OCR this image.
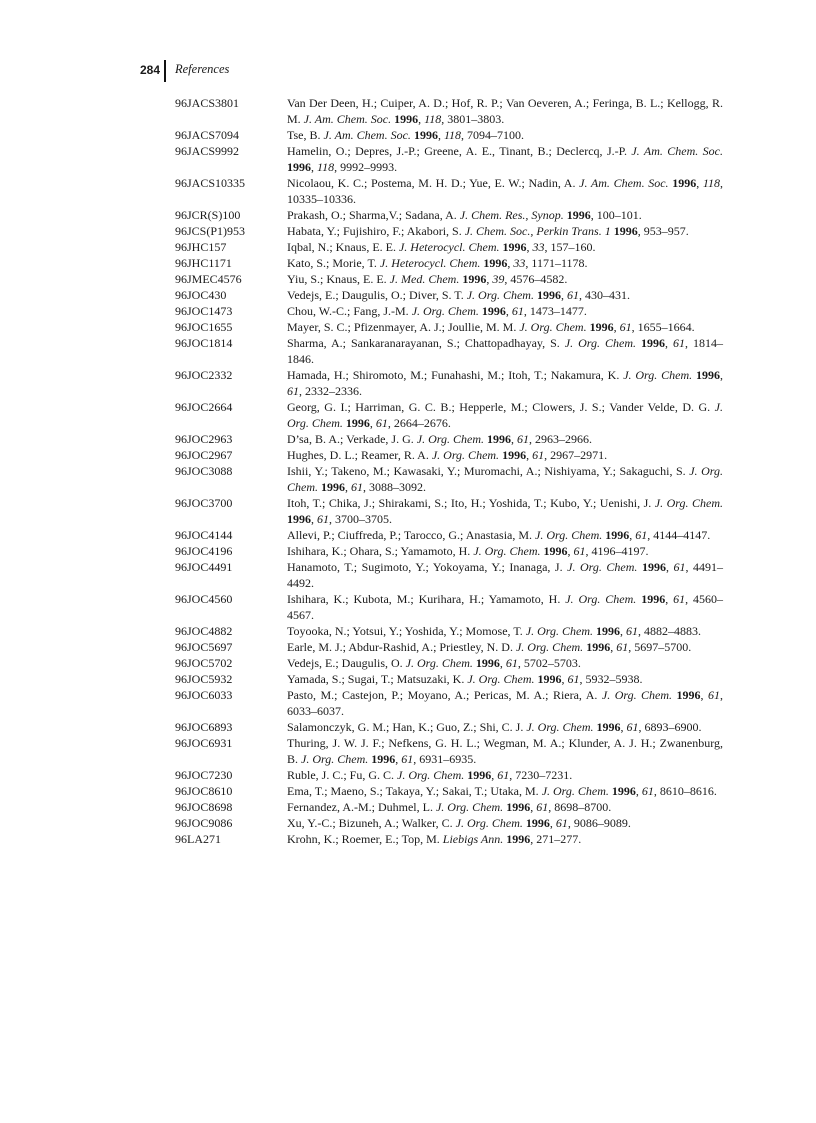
284 References
96JACS3801	Van Der Deen, H.; Cuiper, A. D.; Hof, R. P.; Van Oeveren, A.; Feringa, B. L.; Kellogg, R. M. J. Am. Chem. Soc. 1996, 118, 3801–3803.
96JACS7094	Tse, B. J. Am. Chem. Soc. 1996, 118, 7094–7100.
96JACS9992	Hamelin, O.; Depres, J.-P.; Greene, A. E., Tinant, B.; Declercq, J.-P. J. Am. Chem. Soc. 1996, 118, 9992–9993.
96JACS10335	Nicolaou, K. C.; Postema, M. H. D.; Yue, E. W.; Nadin, A. J. Am. Chem. Soc. 1996, 118, 10335–10336.
96JCR(S)100	Prakash, O.; Sharma,V.; Sadana, A. J. Chem. Res., Synop. 1996, 100–101.
96JCS(P1)953	Habata, Y.; Fujishiro, F.; Akabori, S. J. Chem. Soc., Perkin Trans. 1 1996, 953–957.
96JHC157	Iqbal, N.; Knaus, E. E. J. Heterocycl. Chem. 1996, 33, 157–160.
96JHC1171	Kato, S.; Morie, T. J. Heterocycl. Chem. 1996, 33, 1171–1178.
96JMEC4576	Yiu, S.; Knaus, E. E. J. Med. Chem. 1996, 39, 4576–4582.
96JOC430	Vedejs, E.; Daugulis, O.; Diver, S. T. J. Org. Chem. 1996, 61, 430–431.
96JOC1473	Chou, W.-C.; Fang, J.-M. J. Org. Chem. 1996, 61, 1473–1477.
96JOC1655	Mayer, S. C.; Pfizenmayer, A. J.; Joullie, M. M. J. Org. Chem. 1996, 61, 1655–1664.
96JOC1814	Sharma, A.; Sankaranarayanan, S.; Chattopadhayay, S. J. Org. Chem. 1996, 61, 1814–1846.
96JOC2332	Hamada, H.; Shiromoto, M.; Funahashi, M.; Itoh, T.; Nakamura, K. J. Org. Chem. 1996, 61, 2332–2336.
96JOC2664	Georg, G. I.; Harriman, G. C. B.; Hepperle, M.; Clowers, J. S.; Vander Velde, D. G. J. Org. Chem. 1996, 61, 2664–2676.
96JOC2963	D’sa, B. A.; Verkade, J. G. J. Org. Chem. 1996, 61, 2963–2966.
96JOC2967	Hughes, D. L.; Reamer, R. A. J. Org. Chem. 1996, 61, 2967–2971.
96JOC3088	Ishii, Y.; Takeno, M.; Kawasaki, Y.; Muromachi, A.; Nishiyama, Y.; Sakaguchi, S. J. Org. Chem. 1996, 61, 3088–3092.
96JOC3700	Itoh, T.; Chika, J.; Shirakami, S.; Ito, H.; Yoshida, T.; Kubo, Y.; Uenishi, J. J. Org. Chem. 1996, 61, 3700–3705.
96JOC4144	Allevi, P.; Ciuffreda, P.; Tarocco, G.; Anastasia, M. J. Org. Chem. 1996, 61, 4144–4147.
96JOC4196	Ishihara, K.; Ohara, S.; Yamamoto, H. J. Org. Chem. 1996, 61, 4196–4197.
96JOC4491	Hanamoto, T.; Sugimoto, Y.; Yokoyama, Y.; Inanaga, J. J. Org. Chem. 1996, 61, 4491–4492.
96JOC4560	Ishihara, K.; Kubota, M.; Kurihara, H.; Yamamoto, H. J. Org. Chem. 1996, 61, 4560–4567.
96JOC4882	Toyooka, N.; Yotsui, Y.; Yoshida, Y.; Momose, T. J. Org. Chem. 1996, 61, 4882–4883.
96JOC5697	Earle, M. J.; Abdur-Rashid, A.; Priestley, N. D. J. Org. Chem. 1996, 61, 5697–5700.
96JOC5702	Vedejs, E.; Daugulis, O. J. Org. Chem. 1996, 61, 5702–5703.
96JOC5932	Yamada, S.; Sugai, T.; Matsuzaki, K. J. Org. Chem. 1996, 61, 5932–5938.
96JOC6033	Pasto, M.; Castejon, P.; Moyano, A.; Pericas, M. A.; Riera, A. J. Org. Chem. 1996, 61, 6033–6037.
96JOC6893	Salamonczyk, G. M.; Han, K.; Guo, Z.; Shi, C. J. J. Org. Chem. 1996, 61, 6893–6900.
96JOC6931	Thuring, J. W. J. F.; Nefkens, G. H. L.; Wegman, M. A.; Klunder, A. J. H.; Zwanenburg, B. J. Org. Chem. 1996, 61, 6931–6935.
96JOC7230	Ruble, J. C.; Fu, G. C. J. Org. Chem. 1996, 61, 7230–7231.
96JOC8610	Ema, T.; Maeno, S.; Takaya, Y.; Sakai, T.; Utaka, M. J. Org. Chem. 1996, 61, 8610–8616.
96JOC8698	Fernandez, A.-M.; Duhmel, L. J. Org. Chem. 1996, 61, 8698–8700.
96JOC9086	Xu, Y.-C.; Bizuneh, A.; Walker, C. J. Org. Chem. 1996, 61, 9086–9089.
96LA271	Krohn, K.; Roemer, E.; Top, M. Liebigs Ann. 1996, 271–277.
